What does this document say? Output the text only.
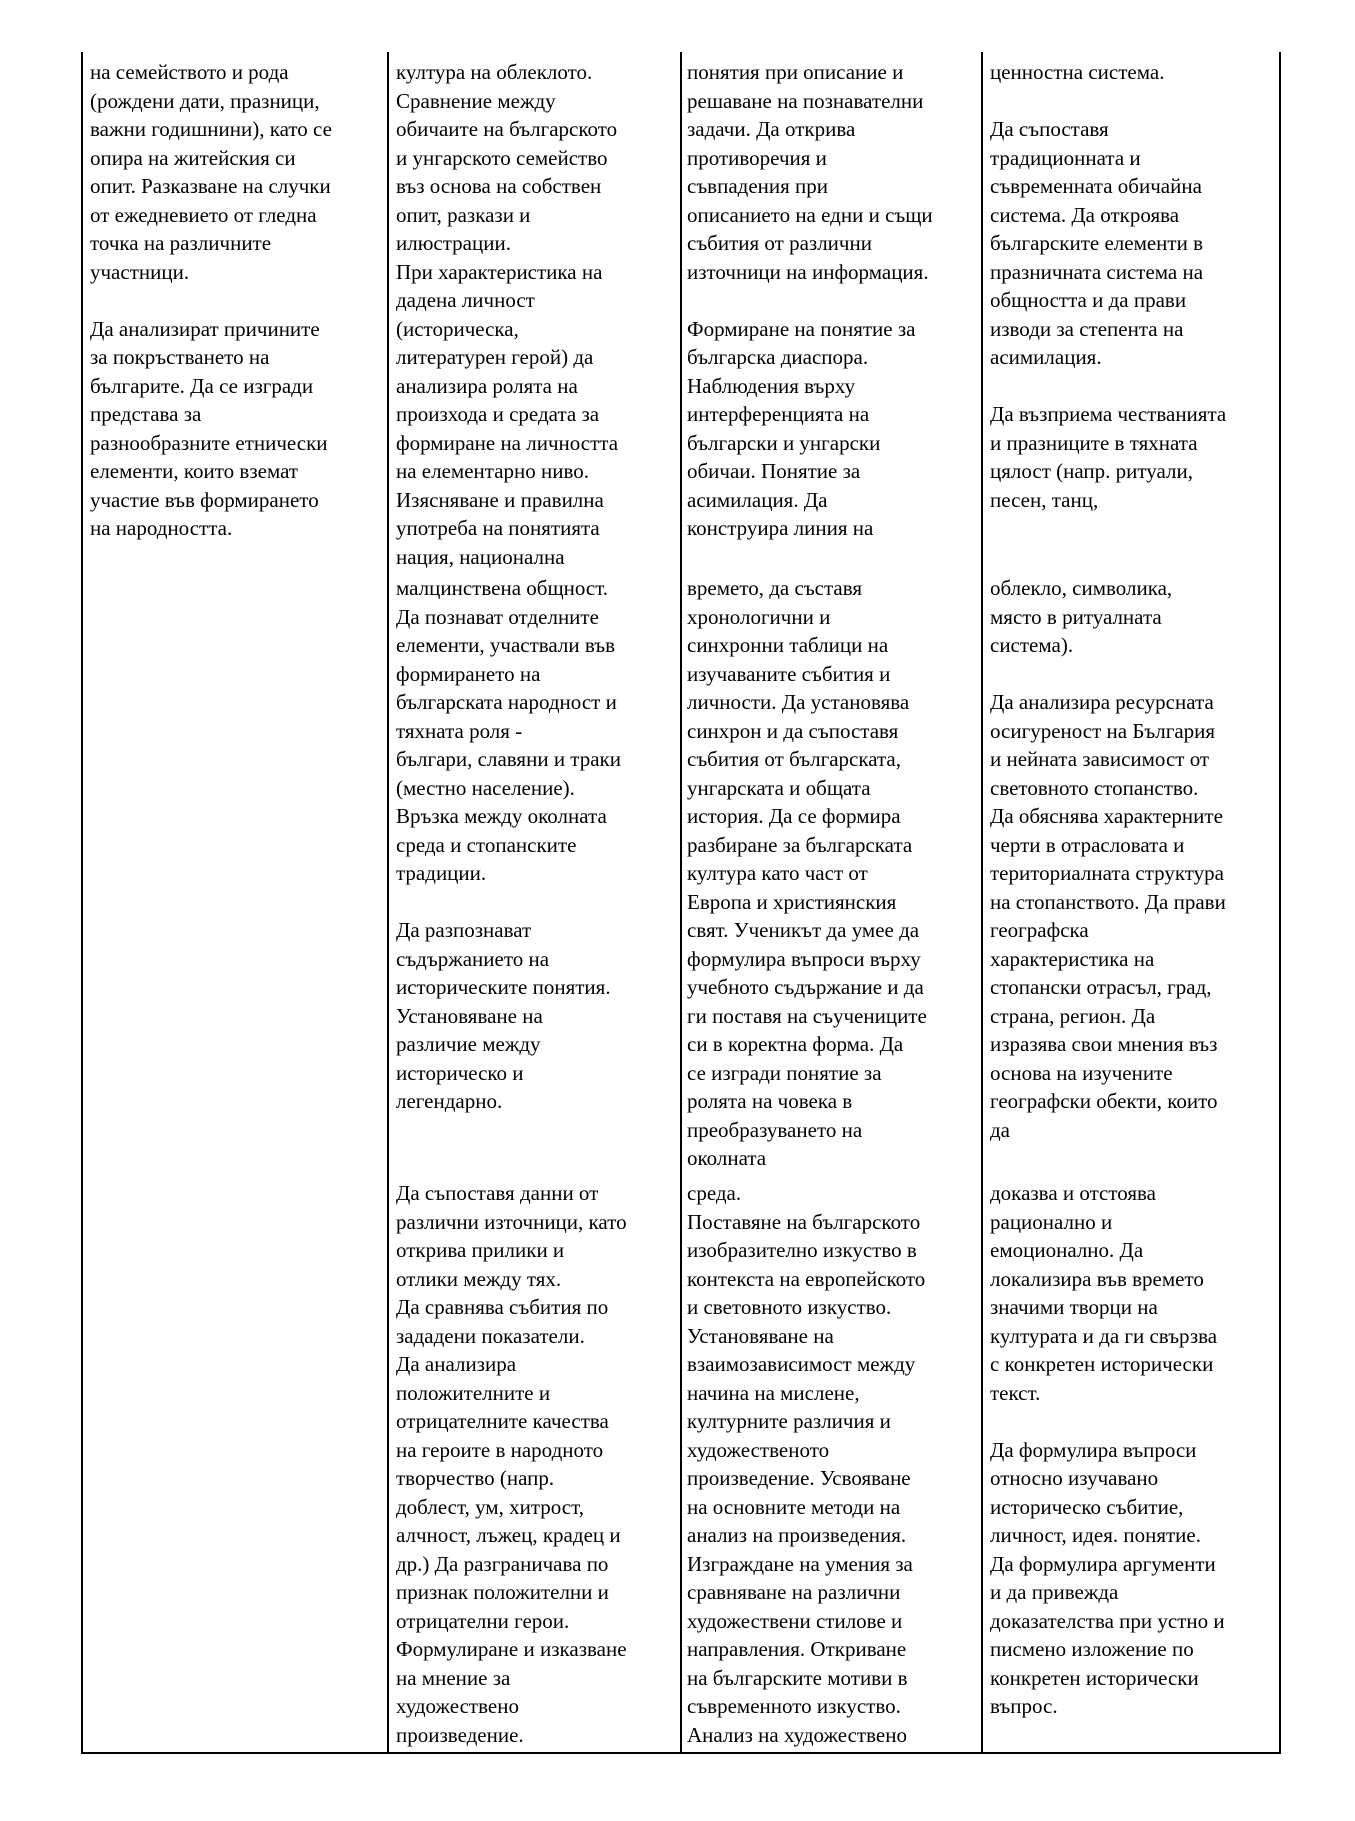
на семейството и рода
(рождени дати, празници,
важни годишнини), като се
опира на житейския си
опит. Разказване на случки
от ежедневието от гледна
точка на различните
участници.

Да анализират причините
за покръстването на
българите. Да се изгради
представа за
разнообразните етнически
елементи, които вземат
участие във формирането
на народността.
култура на облеклото.
Сравнение между
обичаите на българското
и унгарското семейство
въз основа на собствен
опит, разкази и
илюстрации.
При характеристика на
дадена личност
(историческа,
литературен герой) да
анализира ролята на
произхода и средата за
формиране на личността
на елементарно ниво.
Изясняване и правилна
употреба на понятията
нация, национална
малцинствена общност.
Да познават отделните
елементи, участвали във
формирането на
българската народност и
тяхната роля -
българи, славяни и траки
(местно население).
Връзка между околната
среда и стопанските
традиции.

Да разпознават
съдържанието на
историческите понятия.
Установяване на
различие между
историческо и
легендарно.
Да съпоставя данни от
различни източници, като
открива прилики и
отлики между тях.
Да сравнява събития по
зададени показатели.
Да анализира
положителните и
отрицателните качества
на героите в народното
творчество (напр.
доблест, ум, хитрост,
алчност, лъжец, крадец и
др.) Да разграничава по
признак положителни и
отрицателни герои.
Формулиране и изказване
на мнение за
художествено
произведение.
понятия при описание и
решаване на познавателни
задачи. Да открива
противоречия и
съвпадения при
описанието на едни и същи
събития от различни
източници на информация.

Формиране на понятие за
българска диаспора.
Наблюдения върху
интерференцията на
български и унгарски
обичаи. Понятие за
асимилация. Да
конструира линия на
времето, да съставя
хронологични и
синхронни таблици на
изучаваните събития и
личности. Да установява
синхрон и да съпоставя
събития от българската,
унгарската и общата
история. Да се формира
разбиране за българската
култура като част от
Европа и християнския
свят. Ученикът да умее да
формулира въпроси върху
учебното съдържание и да
ги поставя на съучениците
си в коректна форма. Да
се изгради понятие за
ролята на човека в
преобразуването на
околната
среда.
Поставяне на българското
изобразително изкуство в
контекста на европейското
и световното изкуство.
Установяване на
взаимозависимост между
начина на мислене,
културните различия и
художественото
произведение. Усвояване
на основните методи на
анализ на произведения.
Изграждане на умения за
сравняване на различни
художествени стилове и
направления. Откриване
на българските мотиви в
съвременното изкуство.
Анализ на художествено
ценностна система.

Да съпоставя
традиционната и
съвременната обичайна
система. Да откроява
българските елементи в
празничната система на
общността и да прави
изводи за степента на
асимилация.

Да възприема честванията
и празниците в тяхната
цялост (напр. ритуали,
песен, танц,
облекло, символика,
място в ритуалната
система).

Да анализира ресурсната
осигуреност на България
и нейната зависимост от
световното стопанство.
Да обяснява характерните
черти в отрасловата и
териториалната структура
на стопанството. Да прави
географска
характеристика на
стопански отрасъл, град,
страна, регион. Да
изразява свои мнения въз
основа на изучените
географски обекти, които
да
доказва и отстоява
рационално и
емоционално. Да
локализира във времето
значими творци на
културата и да ги свързва
с конкретен исторически
текст.

Да формулира въпроси
относно изучавано
историческо събитие,
личност, идея. понятие.
Да формулира аргументи
и да привежда
доказателства при устно и
писмено изложение по
конкретен исторически
въпрос.
